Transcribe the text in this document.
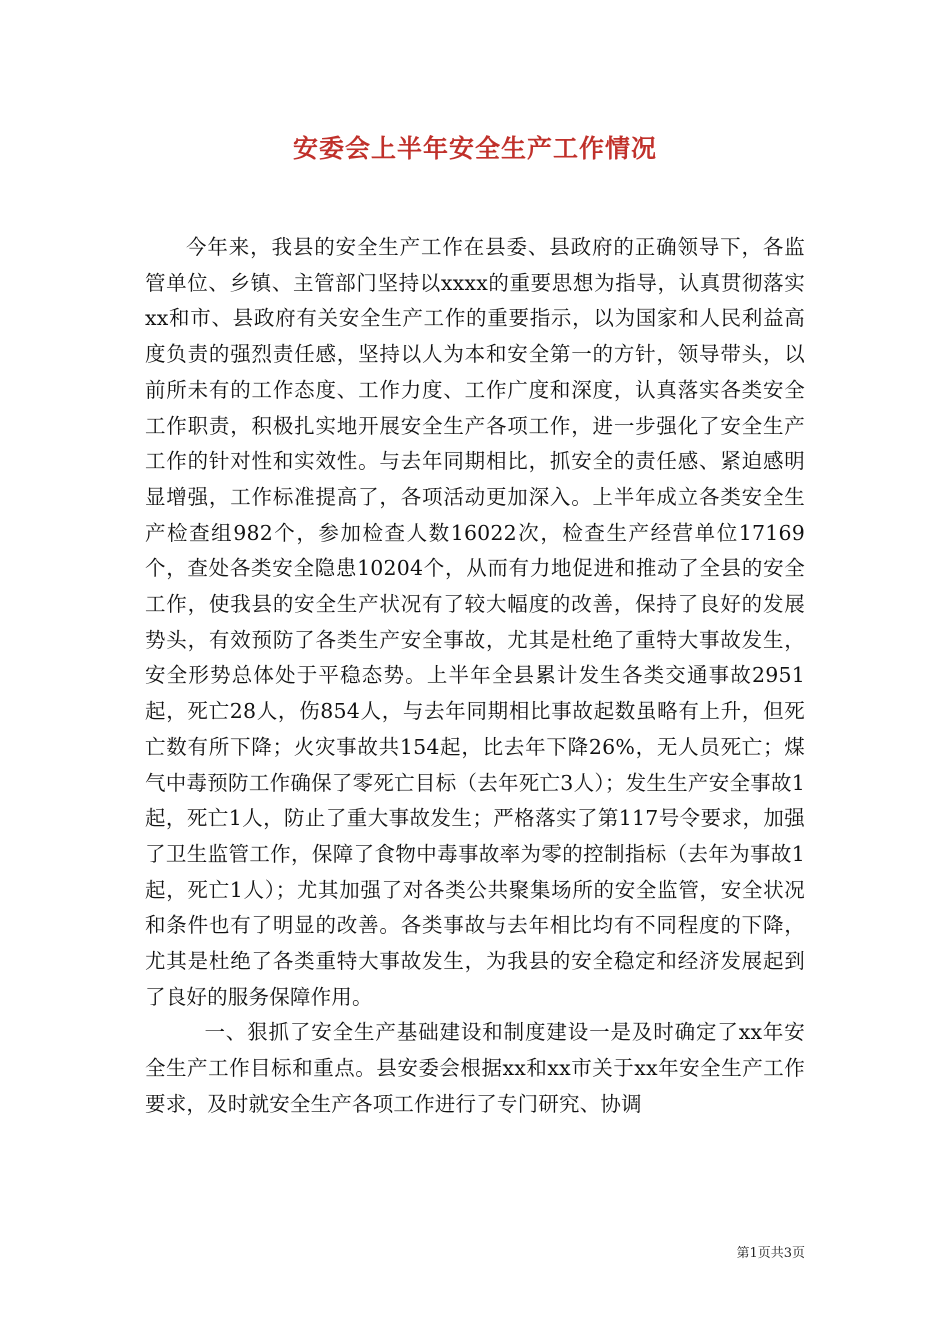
安委会上半年安全生产工作情况

今年来，我县的安全生产工作在县委、县政府的正确领导下，各监管单位、乡镇、主管部门坚持以xxxx的重要思想为指导，认真贯彻落实xx和市、县政府有关安全生产工作的重要指示，以为国家和人民利益高度负责的强烈责任感，坚持以人为本和安全第一的方针，领导带头，以前所未有的工作态度、工作力度、工作广度和深度，认真落实各类安全工作职责，积极扎实地开展安全生产各项工作，进一步强化了安全生产工作的针对性和实效性。与去年同期相比，抓安全的责任感、紧迫感明显增强，工作标准提高了，各项活动更加深入。上半年成立各类安全生产检查组982个，参加检查人数16022次，检查生产经营单位17169个，查处各类安全隐患10204个，从而有力地促进和推动了全县的安全工作，使我县的安全生产状况有了较大幅度的改善，保持了良好的发展势头，有效预防了各类生产安全事故，尤其是杜绝了重特大事故发生，安全形势总体处于平稳态势。上半年全县累计发生各类交通事故2951起，死亡28人，伤854人，与去年同期相比事故起数虽略有上升，但死亡数有所下降；火灾事故共154起，比去年下降26%，无人员死亡；煤气中毒预防工作确保了零死亡目标（去年死亡3人）；发生生产安全事故1起，死亡1人，防止了重大事故发生；严格落实了第117号令要求，加强了卫生监管工作，保障了食物中毒事故率为零的控制指标（去年为事故1起，死亡1人）；尤其加强了对各类公共聚集场所的安全监管，安全状况和条件也有了明显的改善。各类事故与去年相比均有不同程度的下降，尤其是杜绝了各类重特大事故发生，为我县的安全稳定和经济发展起到了良好的服务保障作用。

一、狠抓了安全生产基础建设和制度建设一是及时确定了xx年安全生产工作目标和重点。县安委会根据xx和xx市关于xx年安全生产工作要求，及时就安全生产各项工作进行了专门研究、协调

第1页共3页
